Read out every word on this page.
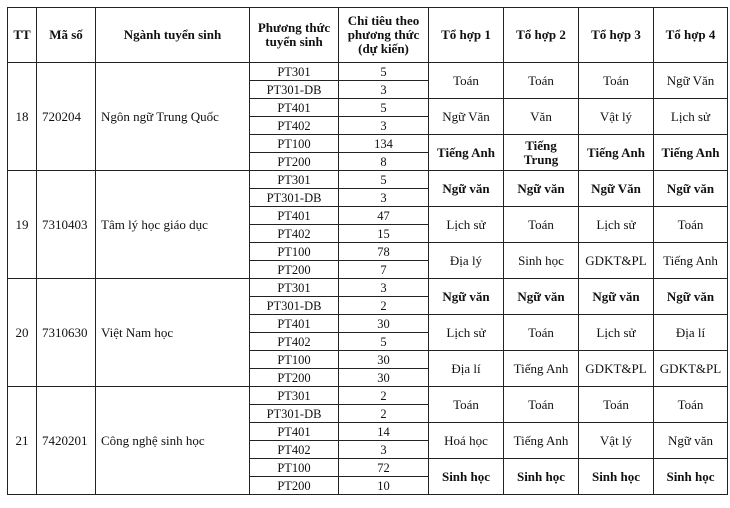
TT	Mã số	Ngành tuyển sinh	Phương thức tuyển sinh	Chỉ tiêu theo phương thức (dự kiến)	Tổ hợp 1	Tổ hợp 2	Tổ hợp 3	Tổ hợp 4
18	720204	Ngôn ngữ Trung Quốc	PT301	5	Toán	Toán	Toán	Ngữ Văn
			PT301-DB	3				
			PT401	5	Ngữ Văn	Văn	Vật lý	Lịch sử
			PT402	3				
			PT100	134	Tiếng Anh	Tiếng Trung	Tiếng Anh	Tiếng Anh
			PT200	8				
19	7310403	Tâm lý học giáo dục	PT301	5	Ngữ văn	Ngữ văn	Ngữ Văn	Ngữ văn
			PT301-DB	3				
			PT401	47	Lịch sử	Toán	Lịch sử	Toán
			PT402	15				
			PT100	78	Địa lý	Sinh học	GDKT&PL	Tiếng Anh
			PT200	7				
20	7310630	Việt Nam học	PT301	3	Ngữ văn	Ngữ văn	Ngữ văn	Ngữ văn
			PT301-DB	2				
			PT401	30	Lịch sử	Toán	Lịch sử	Địa lí
			PT402	5				
			PT100	30	Địa lí	Tiếng Anh	GDKT&PL	GDKT&PL
			PT200	30				
21	7420201	Công nghệ sinh học	PT301	2	Toán	Toán	Toán	Toán
			PT301-DB	2				
			PT401	14	Hoá học	Tiếng Anh	Vật lý	Ngữ văn
			PT402	3				
			PT100	72	Sinh học	Sinh học	Sinh học	Sinh học
			PT200	10				
